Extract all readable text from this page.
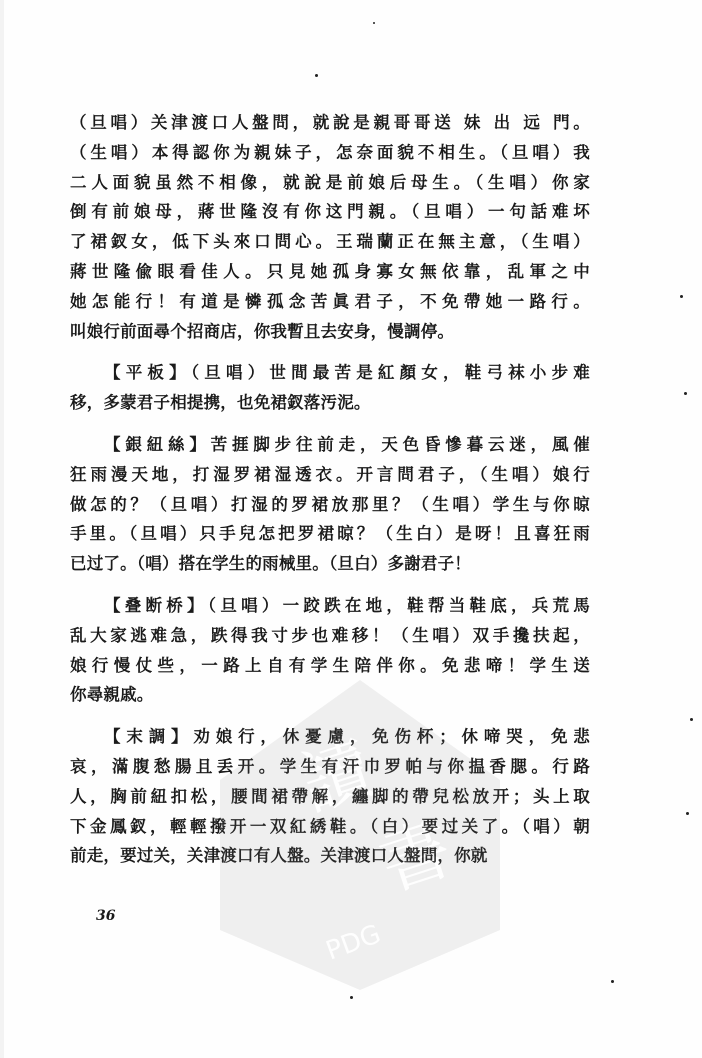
（旦唱）关津渡口人盤問，就說是親哥哥送 妹 出 远 門。
（生唱）本得認你为親妹子，怎奈面貌不相生。（旦唱）我
二人面貌虽然不相像，就說是前娘后母生。（生唱）你家
倒有前娘母，蔣世隆沒有你这門親。（旦唱）一句話难坏
了裙釵女，低下头來口問心。王瑞蘭正在無主意，（生唱）
蔣世隆偸眼看佳人。只見她孤身寡女無依靠，乱軍之中
她怎能行！有道是憐孤念苦眞君子，不免帶她一路行。
叫娘行前面尋个招商店，你我暫且去安身，慢調停。
【平板】（旦唱）世間最苦是紅顏女，鞋弓袜小步难
移，多蒙君子相提携，也免裙釵落汚泥。
【銀紐絲】苦捱脚步往前走，天色昏慘暮云迷，風催
狂雨漫天地，打湿罗裙湿透衣。开言問君子，（生唱）娘行
做怎的？（旦唱）打湿的罗裙放那里？（生唱）学生与你晾
手里。（旦唱）只手兒怎把罗裙晾？（生白）是呀！且喜狂雨
已过了。（唱）搭在学生的雨械里。（旦白）多謝君子！
【叠断桥】（旦唱）一跤跌在地，鞋帮当鞋底，兵荒馬
乱大家逃难急，跌得我寸步也难移！（生唱）双手攙扶起，
娘行慢仗些，一路上自有学生陪伴你。免悲啼！学生送
你尋親戚。
【末調】劝娘行，休憂慮，免伤杯；休啼哭，免悲
哀，滿腹愁腸且丢开。学生有汗巾罗帕与你揾香腮。行路
人，胸前紐扣松，腰間裙帶解，纏脚的帶兒松放开；头上取
下金鳳釵，輕輕撥开一双紅綉鞋。（白）要过关了。（唱）朝
前走，要过关，关津渡口有人盤。关津渡口人盤問，你就
36
讀
書
PDG
